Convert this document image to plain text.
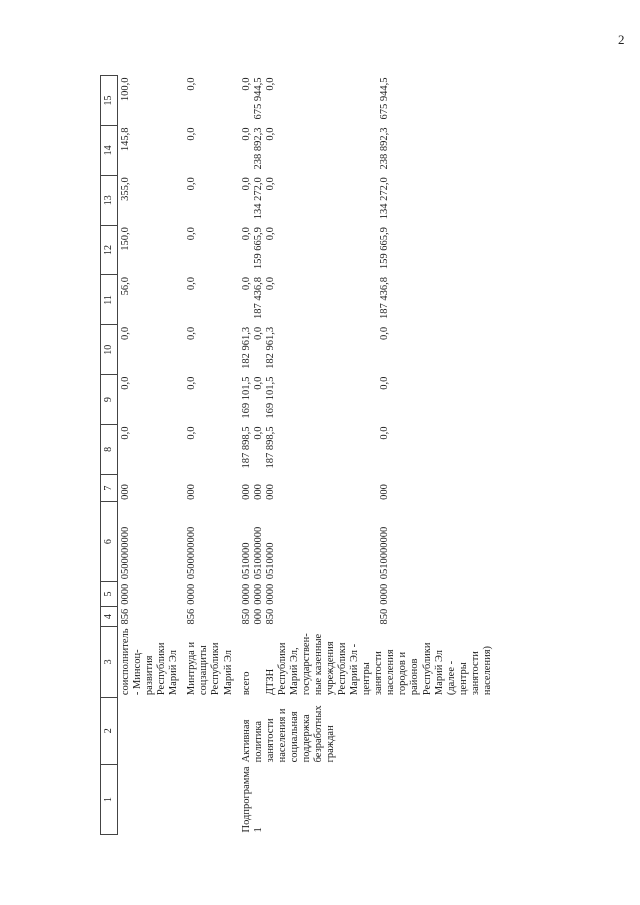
2
1	2	3	4	5	6	7	8	9	10	11	12	13	14	15
		соисполнитель - Минсоц-развития Республики Марий Эл	856	0000	0500000000	000	0,0	0,0	0,0	56,0	150,0	355,0	145,8	100,0

		Минтруда и соцзащиты Республики Марий Эл	856	0000	0500000000	000	0,0	0,0	0,0	0,0	0,0	0,0	0,0	0,0

Подпрограмма 1	Активная политика занятости населения и социальная поддержка безработных граждан	всего	850	0000	0510000	000	187 898,5	169 101,5	182 961,3	0,0	0,0	0,0	0,0	0,0
			000	0000	0510000000	000	0,0	0,0	0,0	187 436,8	159 665,9	134 272,0	238 892,3	675 944,5
		ДТЗН Республики Марий Эл, государствен-ные казенные учреждения Республики Марий Эл - центры занятости населения городов и районов Республики Марий Эл (далее - центры занятости населения)	850	0000	0510000	000	187 898,5	169 101,5	182 961,3	0,0	0,0	0,0	0,0	0,0
			850	0000	0510000000	000	0,0	0,0	0,0	187 436,8	159 665,9	134 272,0	238 892,3	675 944,5
